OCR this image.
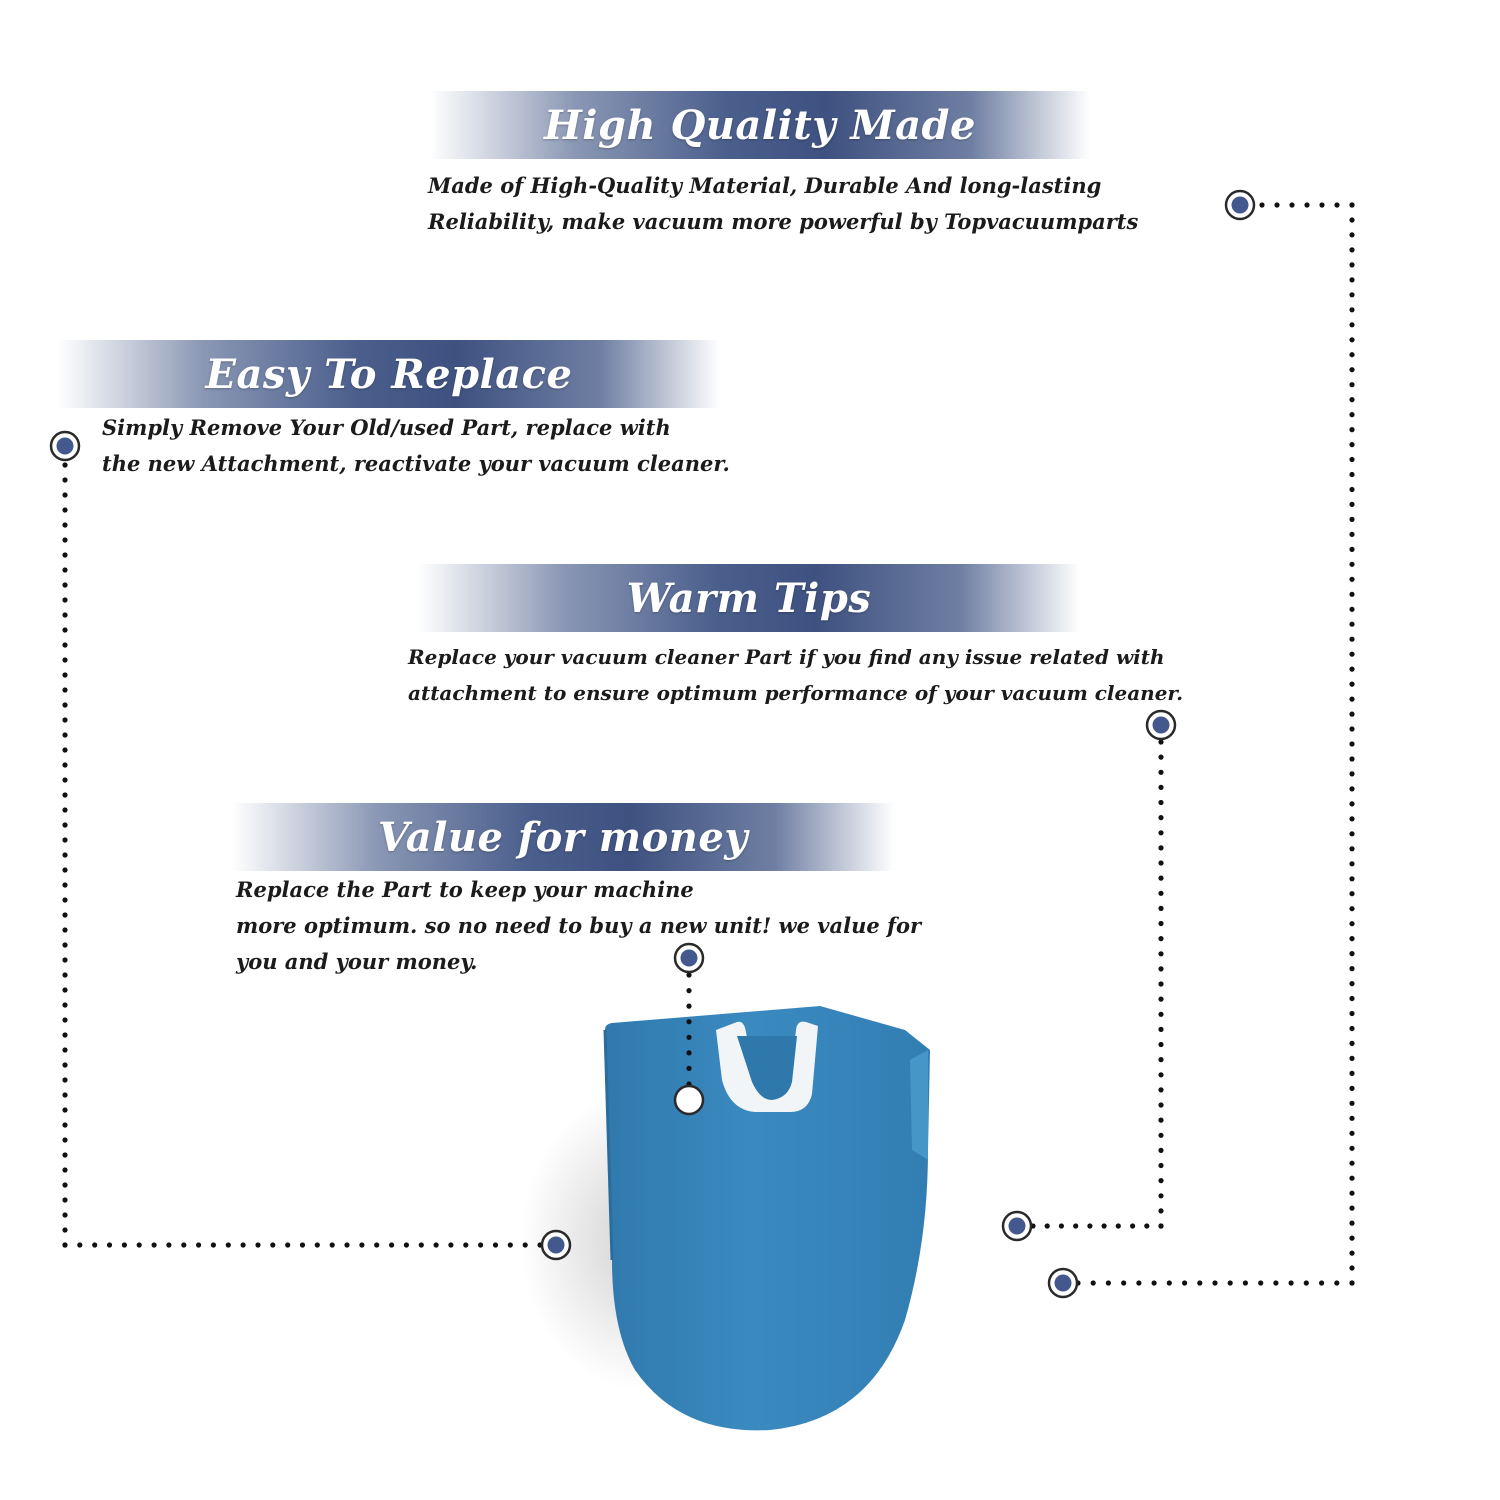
High Quality Made

Made of High-Quality Material, Durable And long-lasting
Reliability, make vacuum more powerful by Topvacuumparts

Easy To Replace

Simply Remove Your Old/used Part, replace with
the new Attachment, reactivate your vacuum cleaner.

Warm Tips

Replace your vacuum cleaner Part if you find any issue related with
attachment to ensure optimum performance of your vacuum cleaner.

Value for money

Replace the Part to keep your machine
more optimum. so no need to buy a new unit! we value for
you and your money.
